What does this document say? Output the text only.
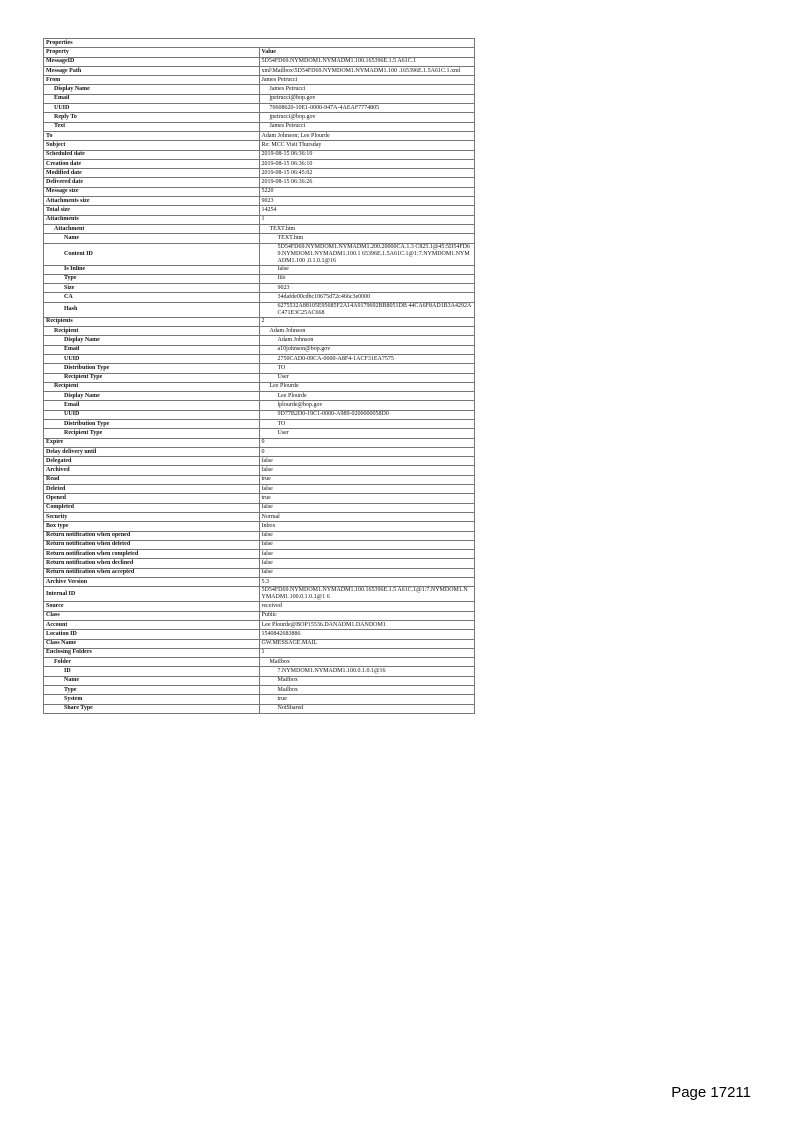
Properties	
Property	Value
MessageID	5D54FD69.NYMDOM1.NYMADM1.100.165396E.1.5 A61C.1
Message Path	xml\Mailbox\5D54FD69.NYMDOM1.NYMADM1.100 .165396E.1.5A61C.1.xml
From	James Petrucci
Display Name	James Petrucci
Email	jpetrucci@bop.gov
UUID	70608620-10E1-0000-947A-4AEAF7774805
Reply To	jpetrucci@bop.gov
Text	James Petrucci
To	Adam Johnson; Lee Plourde
Subject	Re: MCC Visit Thursday
Scheduled date	2019-08-15 06:36:10
Creation date	2019-08-15 06:36:10
Modified date	2019-08-15 06:45:02
Delivered date	2019-08-15 06:36:26
Message size	5220
Attachments size	9023
Total size	14254
Attachments	1
Attachment	TEXT.htm
Name	TEXT.htm
Content ID	5D54FD69.NYMDOM1.NYMADM1.200.20000CA.1.3 C825.1@45:5D54FD69.NYMDOM1.NYMADM1.100.1 65396E.1.5A61C.1@1:7.NYMDOM1.NYMADM1.100 .0.1.0.1@16
Is Inline	false
Type	file
Size	9023
CA	34dafde00cdbc10675d72c466c3e0000
Hash	6275532A88105E95685F2A14A9179692BB8051DB 44CA6F8AD1B3A4292AC471E3C25AC668
Recipients	2
Recipient	Adam Johnson
Display Name	Adam Johnson
Email	a10johnson@bop.gov
UUID	2750CAD0-09CA-0000-A8F4-1ACF31EA7575
Distribution Type	TO
Recipient Type	User
Recipient	Lee Plourde
Display Name	Lee Plourde
Email	lplourde@bop.gov
UUID	9D77B2D0-19C1-0000-A989-0200000058D0
Distribution Type	TO
Recipient Type	User
Expire	0
Delay delivery until	0
Delegated	false
Archived	false
Read	true
Deleted	false
Opened	true
Completed	false
Security	Normal
Box type	Inbox
Return notification when opened	false
Return notification when deleted	false
Return notification when completed	false
Return notification when declined	false
Return notification when accepted	false
Archive Version	5.3
Internal ID	5D54FD69.NYMDOM1.NYMADM1.100.165396E.1.5 A61C.1@1:7.NYMDOM1.NYMADM1.100.0.1.0.1@1 6
Source	received
Class	Public
Account	Lee Plourde@BOP15536.DANADM1.DANDOM1
Location ID	1540842683886
Class Name	GW.MESSAGE.MAIL
Enclosing Folders	1
Folder	Mailbox
ID	7.NYMDOM1.NYMADM1.100.0.1.0.1@16
Name	Mailbox
Type	Mailbox
System	true
Share Type	NotShared
Page 17211
